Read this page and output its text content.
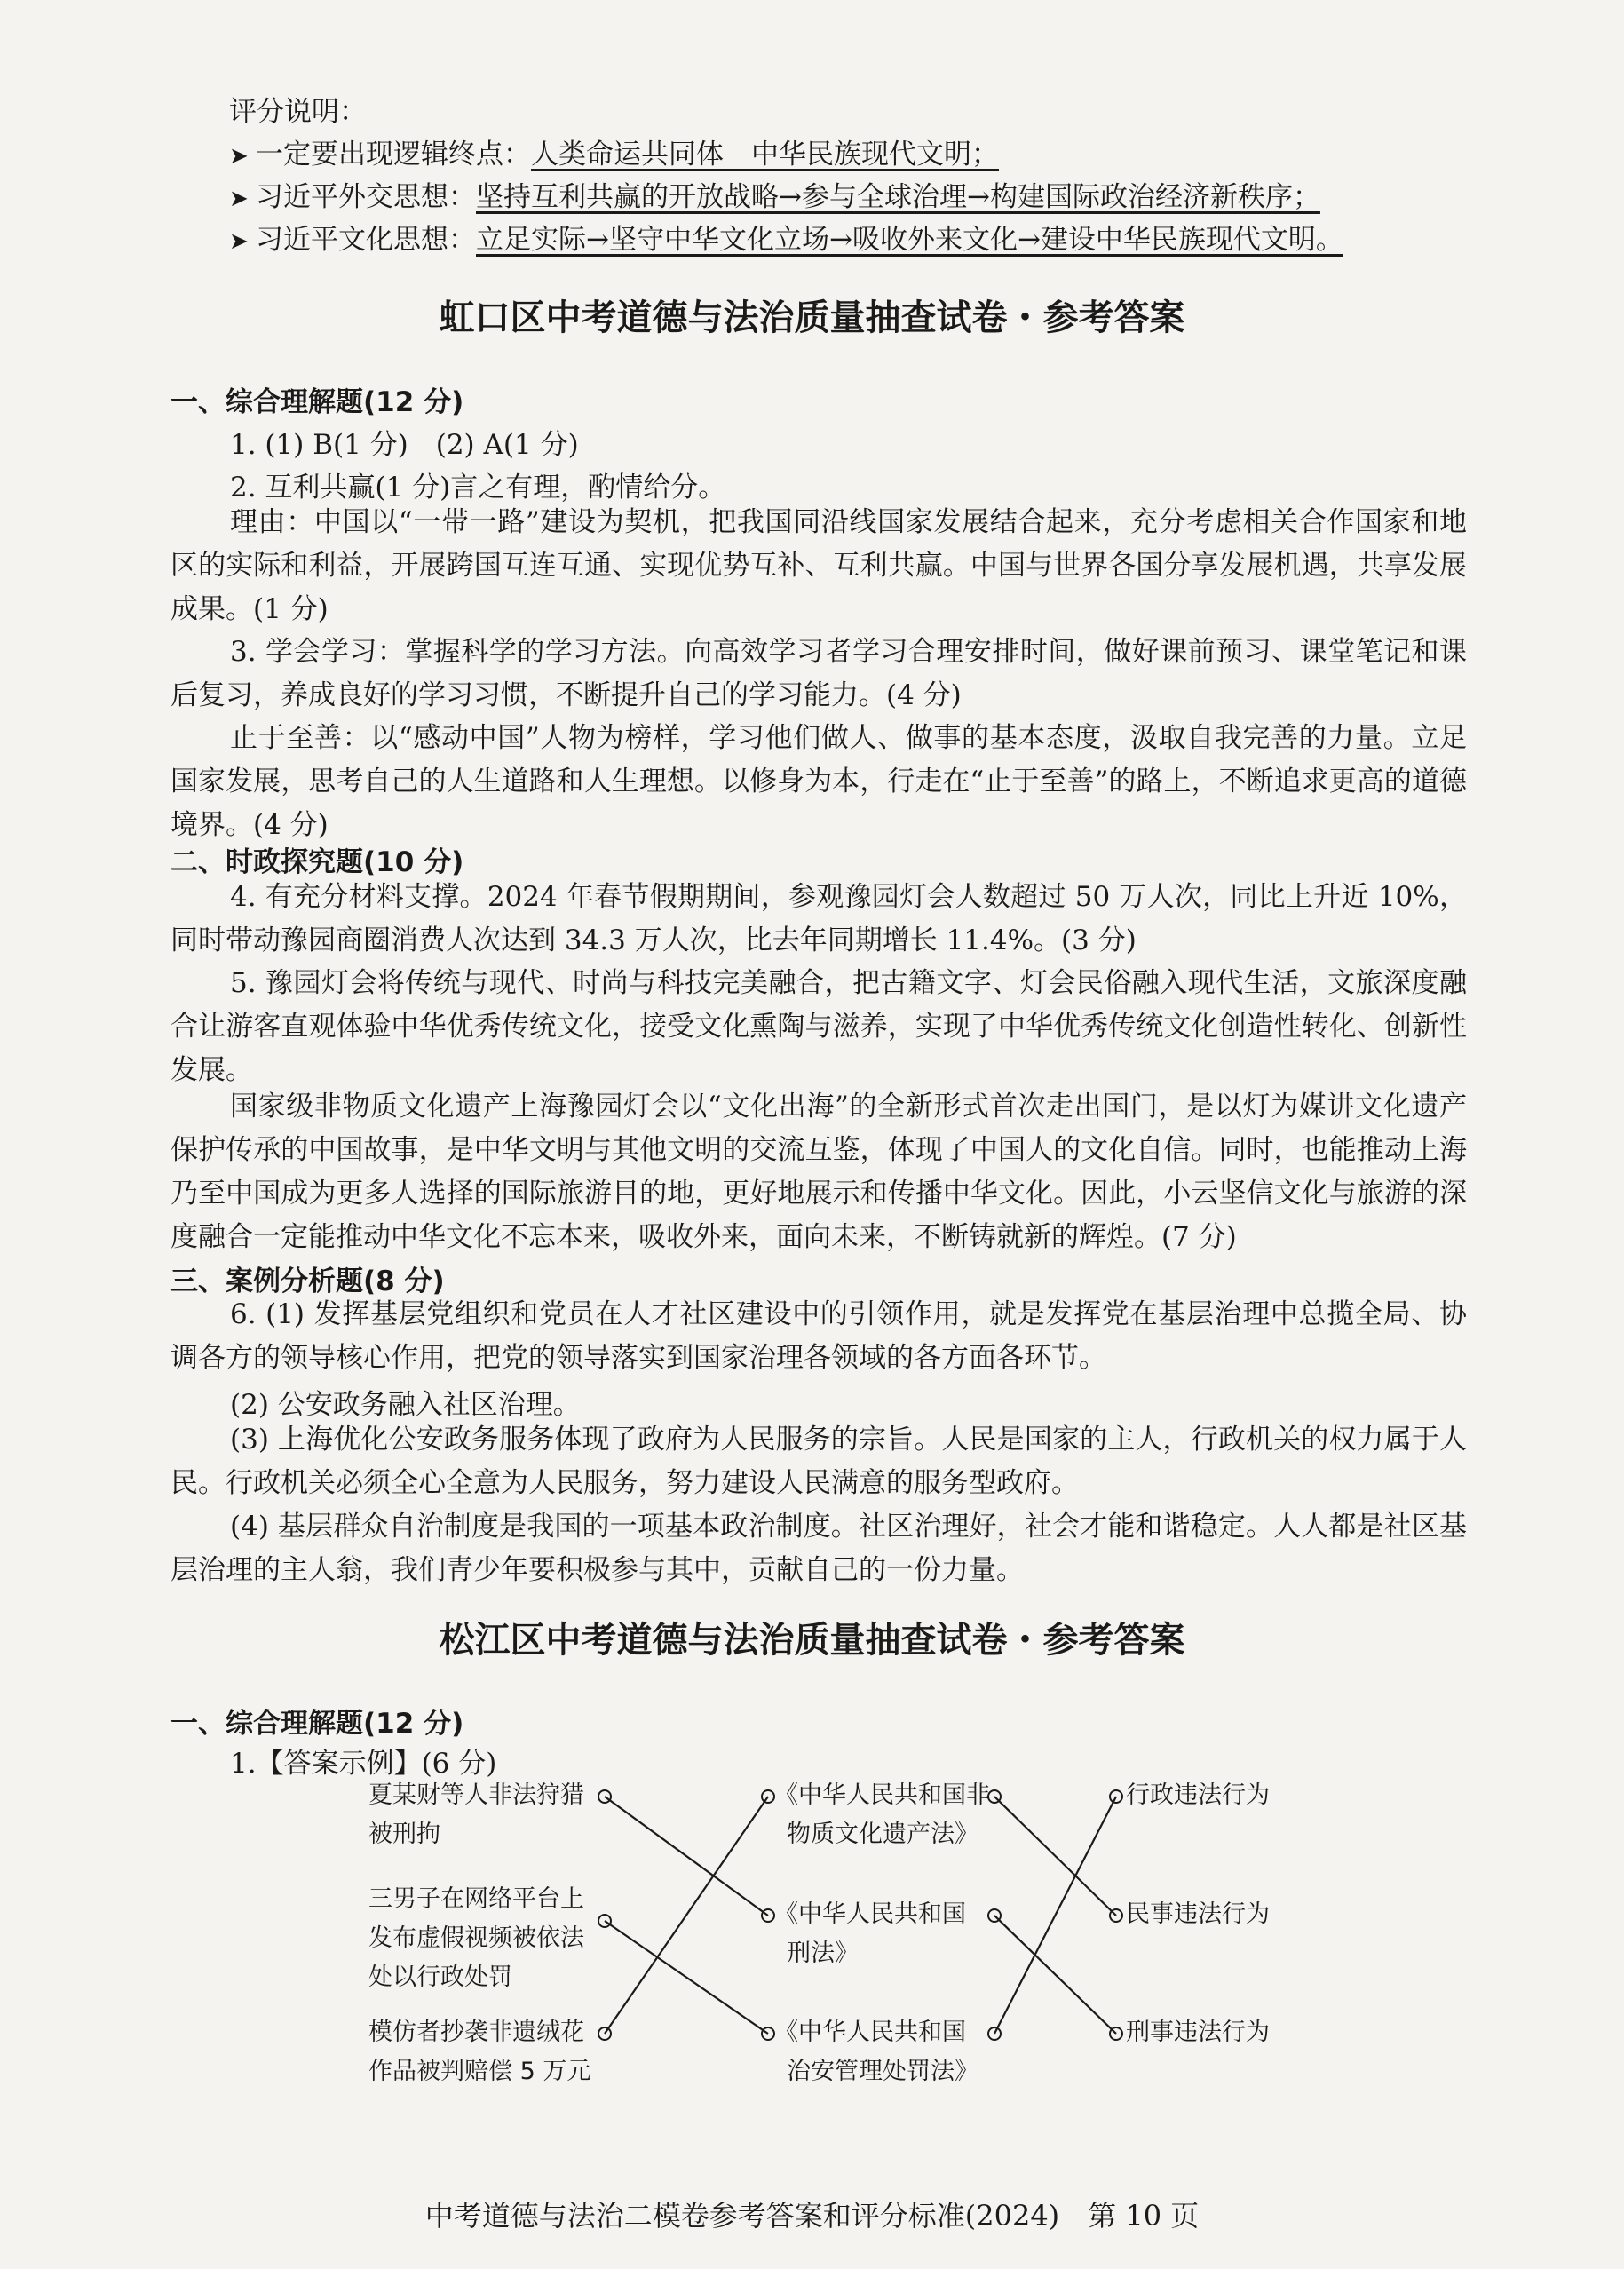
评分说明：
➤ 一定要出现逻辑终点：人类命运共同体　中华民族现代文明；
➤ 习近平外交思想：坚持互利共赢的开放战略→参与全球治理→构建国际政治经济新秩序；
➤ 习近平文化思想：立足实际→坚守中华文化立场→吸收外来文化→建设中华民族现代文明。
虹口区中考道德与法治质量抽查试卷・参考答案
一、综合理解题(12 分)
1. (1) B(1 分)　(2) A(1 分)
2. 互利共赢(1 分)言之有理，酌情给分。
理由：中国以“一带一路”建设为契机，把我国同沿线国家发展结合起来，充分考虑相关合作国家和地区的实际和利益，开展跨国互连互通、实现优势互补、互利共赢。中国与世界各国分享发展机遇，共享发展成果。(1 分)
3. 学会学习：掌握科学的学习方法。向高效学习者学习合理安排时间，做好课前预习、课堂笔记和课后复习，养成良好的学习习惯，不断提升自己的学习能力。(4 分)
止于至善：以“感动中国”人物为榜样，学习他们做人、做事的基本态度，汲取自我完善的力量。立足国家发展，思考自己的人生道路和人生理想。以修身为本，行走在“止于至善”的路上，不断追求更高的道德境界。(4 分)
二、时政探究题(10 分)
4. 有充分材料支撑。2024 年春节假期期间，参观豫园灯会人数超过 50 万人次，同比上升近 10%，同时带动豫园商圈消费人次达到 34.3 万人次，比去年同期增长 11.4%。(3 分)
5. 豫园灯会将传统与现代、时尚与科技完美融合，把古籍文字、灯会民俗融入现代生活，文旅深度融合让游客直观体验中华优秀传统文化，接受文化熏陶与滋养，实现了中华优秀传统文化创造性转化、创新性发展。
国家级非物质文化遗产上海豫园灯会以“文化出海”的全新形式首次走出国门，是以灯为媒讲文化遗产保护传承的中国故事，是中华文明与其他文明的交流互鉴，体现了中国人的文化自信。同时，也能推动上海乃至中国成为更多人选择的国际旅游目的地，更好地展示和传播中华文化。因此，小云坚信文化与旅游的深度融合一定能推动中华文化不忘本来，吸收外来，面向未来，不断铸就新的辉煌。(7 分)
三、案例分析题(8 分)
6. (1) 发挥基层党组织和党员在人才社区建设中的引领作用，就是发挥党在基层治理中总揽全局、协调各方的领导核心作用，把党的领导落实到国家治理各领域的各方面各环节。
(2) 公安政务融入社区治理。
(3) 上海优化公安政务服务体现了政府为人民服务的宗旨。人民是国家的主人，行政机关的权力属于人民。行政机关必须全心全意为人民服务，努力建设人民满意的服务型政府。
(4) 基层群众自治制度是我国的一项基本政治制度。社区治理好，社会才能和谐稳定。人人都是社区基层治理的主人翁，我们青少年要积极参与其中，贡献自己的一份力量。
松江区中考道德与法治质量抽查试卷・参考答案
一、综合理解题(12 分)
1.【答案示例】(6 分)
夏某财等人非法狩猎
被刑拘
三男子在网络平台上
发布虚假视频被依法
处以行政处罚
模仿者抄袭非遗绒花
作品被判赔偿 5 万元
《中华人民共和国非
物质文化遗产法》
《中华人民共和国
刑法》
《中华人民共和国
治安管理处罚法》
行政违法行为
民事违法行为
刑事违法行为
中考道德与法治二模卷参考答案和评分标准(2024)　第 10 页
